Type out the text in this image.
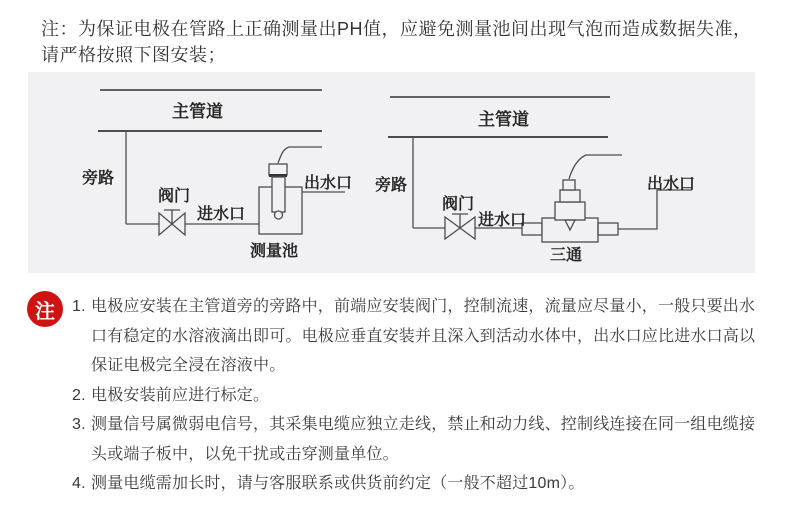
注：为保证电极在管路上正确测量出PH值，应避免测量池间出现气泡而造成数据失准，
请严格按照下图安装；
主管道
旁路
阀门
进水口
出水口
测量池
主管道
旁路
阀门
进水口
出水口
三通
注	1. 电极应安装在主管道旁的旁路中，前端应安装阀门，控制流速，流量应尽量小，一般只要出水
口有稳定的水溶液滴出即可。电极应垂直安装并且深入到活动水体中，出水口应比进水口高以
保证电极完全浸在溶液中。
2. 电极安装前应进行标定。
3. 测量信号属微弱电信号，其采集电缆应独立走线，禁止和动力线、控制线连接在同一组电缆接
头或端子板中，以免干扰或击穿测量单位。
4. 测量电缆需加长时，请与客服联系或供货前约定（一般不超过10m）。
